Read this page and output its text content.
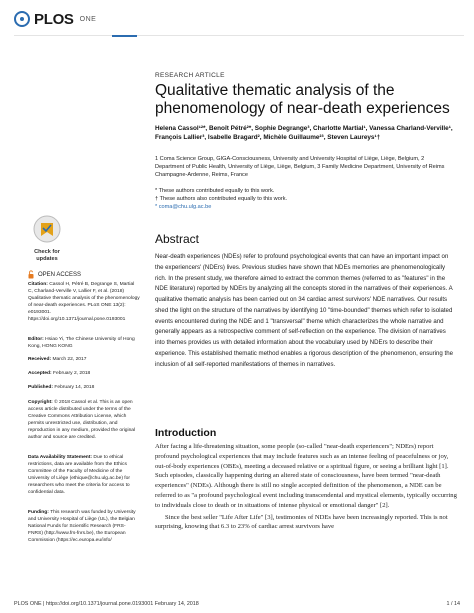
PLOS ONE
RESEARCH ARTICLE
Qualitative thematic analysis of the phenomenology of near-death experiences
Helena Cassol¹²*, Benoît Pétré²*, Sophie Degrange³, Charlotte Martial¹, Vanessa Charland-Verville¹, François Lallier³, Isabelle Bragard², Michèle Guillaume²³, Steven Laureys¹†
1 Coma Science Group, GIGA-Consciousness, University and University Hospital of Liège, Liège, Belgium, 2 Department of Public Health, University of Liège, Liège, Belgium, 3 Family Medicine Department, University of Reims Champagne-Ardenne, Reims, France
* These authors contributed equally to this work.
† These authors also contributed equally to this work.
* coma@chu.ulg.ac.be
Abstract
Near-death experiences (NDEs) refer to profound psychological events that can have an important impact on the experiencers' (NDErs) lives. Previous studies have shown that NDEs memories are phenomenologically rich. In the present study, we therefore aimed to extract the common themes (referred to as "features" in the NDE literature) reported by NDErs by analyzing all the concepts stored in the narratives of their experiences. A qualitative thematic analysis has been carried out on 34 cardiac arrest survivors' NDE narratives. Our results shed the light on the structure of the narratives by identifying 10 "time-bounded" themes which refer to isolated events encountered during the NDE and 1 "transversal" theme which characterizes the whole narrative and generally appears as a retrospective comment of self-reflection on the experience. The division of narratives into themes provides us with detailed information about the vocabulary used by NDErs to describe their experience. This established thematic method enables a rigorous description of the phenomenon, ensuring the inclusion of all self-reported manifestations of themes in narratives.
Introduction

After facing a life-threatening situation, some people (so-called "near-death experiencers"; NDErs) report profound psychological experiences that may include features such as an intense feeling of peacefulness or joy, out-of-body experiences (OBEs), meeting a deceased relative or a spiritual figure, or seeing a brilliant light [1]. Such episodes, classically happening during an altered state of consciousness, have been termed "near-death experiences" (NDEs). Although there is still no single accepted definition of the phenomenon, a NDE can be referred to as "a profound psychological event including transcendental and mystical elements, typically occurring to individuals close to death or in situations of intense physical or emotional danger" [2].

Since the best seller "Life After Life" [3], testimonies of NDEs have been increasingly reported. This is not surprising, knowing that 6.3 to 23% of cardiac arrest survivors have

Check for updates
OPEN ACCESS
Citation: Cassol H, Pétré B, Degrange S, Martial C, Charland-Verville V, Lallier F, et al. (2018) Qualitative thematic analysis of the phenomenology of near-death experiences. PLoS ONE 13(2): e0193001. https://doi.org/10.1371/journal.pone.0193001
Editor: Hsiao Yi, The Chinese University of Hong Kong, HONG KONG
Received: March 22, 2017
Accepted: February 2, 2018
Published: February 14, 2018
Copyright: © 2018 Cassol et al. This is an open access article distributed under the terms of the Creative Commons Attribution License, which permits unrestricted use, distribution, and reproduction in any medium, provided the original author and source are credited.
Data Availability Statement: Due to ethical restrictions, data are available from the Ethics Committee of the Faculty of Medicine of the University of Liège (ethique@chu.ulg.ac.be) for researchers who meet the criteria for access to confidential data.
Funding: This research was funded by University and University Hospital of Liège (UL), the Belgian National Funds for Scientific Research (FRS-FNRS) (http://www.frs-fnrs.be), the European Commission (https://ec.europa.eu/info/
PLOS ONE | https://doi.org/10.1371/journal.pone.0193001 February 14, 2018	1 / 14
